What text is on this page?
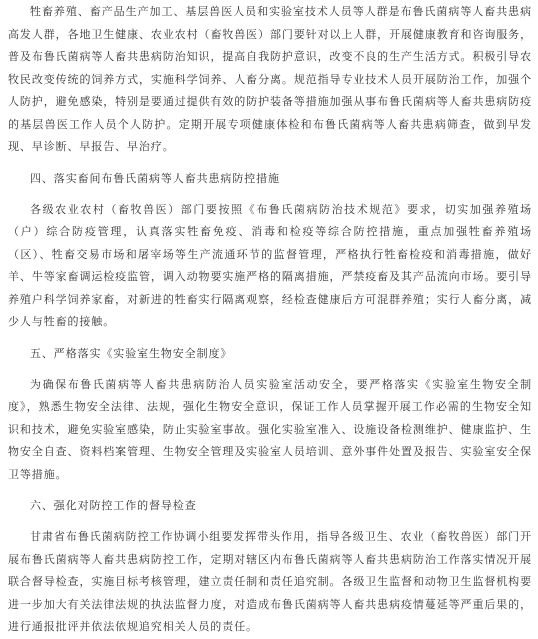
牲畜养殖、畜产品生产加工、基层兽医人员和实验室技术人员等人群是布鲁氏菌病等人畜共患病高发人群，各地卫生健康、农业农村（畜牧兽医）部门要针对以上人群，开展健康教育和咨询服务，普及布鲁氏菌病等人畜共患病防治知识，提高自我防护意识，改变不良的生产生活方式。积极引导农牧民改变传统的饲养方式，实施科学饲养、人畜分离。规范指导专业技术人员开展防治工作，加强个人防护，避免感染，特别是要通过提供有效的防护装备等措施加强从事布鲁氏菌病等人畜共患病防疫的基层兽医工作人员个人防护。定期开展专项健康体检和布鲁氏菌病等人畜共患病筛查，做到早发现、早诊断、早报告、早治疗。

四、落实畜间布鲁氏菌病等人畜共患病防控措施

各级农业农村（畜牧兽医）部门要按照《布鲁氏菌病防治技术规范》要求，切实加强养殖场（户）综合防疫管理，认真落实牲畜免疫、消毒和检疫等综合防控措施，重点加强牲畜养殖场（区）、牲畜交易市场和屠宰场等生产流通环节的监督管理，严格执行牲畜检疫和消毒措施，做好羊、牛等家畜调运检疫监管，调入动物要实施严格的隔离措施，严禁疫畜及其产品流向市场。要引导养殖户科学饲养家畜，对新进的牲畜实行隔离观察，经检查健康后方可混群养殖；实行人畜分离，减少人与牲畜的接触。

五、严格落实《实验室生物安全制度》

为确保布鲁氏菌病等人畜共患病防治人员实验室活动安全，要严格落实《实验室生物安全制度》，熟悉生物安全法律、法规，强化生物安全意识，保证工作人员掌握开展工作必需的生物安全知识和技术，避免实验室感染，防止实验室事故。强化实验室准入、设施设备检测维护、健康监护、生物安全自查、资料档案管理、生物安全管理及实验室人员培训、意外事件处置及报告、实验室安全保卫等措施。

六、强化对防控工作的督导检查

甘肃省布鲁氏菌病防控工作协调小组要发挥带头作用，指导各级卫生、农业（畜牧兽医）部门开展布鲁氏菌病等人畜共患病防控工作，定期对辖区内布鲁氏菌病等人畜共患病防治工作落实情况开展联合督导检查，实施目标考核管理，建立责任制和责任追究制。各级卫生监督和动物卫生监督机构要进一步加大有关法律法规的执法监督力度，对造成布鲁氏菌病等人畜共患病疫情蔓延等严重后果的，进行通报批评并依法依规追究相关人员的责任。
